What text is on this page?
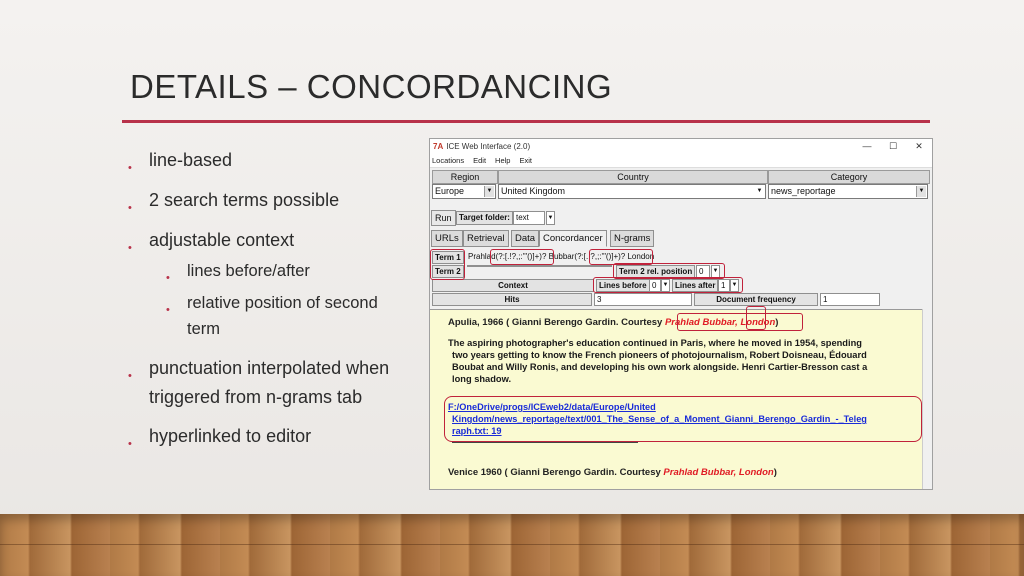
DETAILS – CONCORDANCING
• line-based
• 2 search terms possible
• adjustable context
• lines before/after
• relative position of second term
• punctuation interpolated when triggered from n-grams tab
• hyperlinked to editor
7A ICE Web Interface (2.0)	—	☐	✕
Locations Edit Help Exit
Region	Country	Category
Europe	▼ United Kingdom	▼ news_reportage	▼
Run Target folder: text	▼
URLs Retrieval	Data Concordancer	N-grams
Term 1 Prahlad(?:[.!?,;:'"()]+)? Bubbar(?:[.!?,;:'"()]+)? London
Term 2	Term 2 rel. position 0	▼
Context	Lines before 0	▼ Lines after 1	▼
Hits	3	Document frequency	1
Apulia, 1966 ( Gianni Berengo Gardin. Courtesy Prahlad Bubbar, London)
The aspiring photographer's education continued in Paris, where he moved in 1954, spending
two years getting to know the French pioneers of photojournalism, Robert Doisneau, Édouard
Boubat and Willy Ronis, and developing his own work alongside. Henri Cartier-Bresson cast a
long shadow.
F:/OneDrive/progs/ICEweb2/data/Europe/United
Kingdom/news_reportage/text/001_The_Sense_of_a_Moment_Gianni_Berengo_Gardin_-_Teleg
raph.txt: 19
Venice 1960 ( Gianni Berengo Gardin. Courtesy Prahlad Bubbar, London)
